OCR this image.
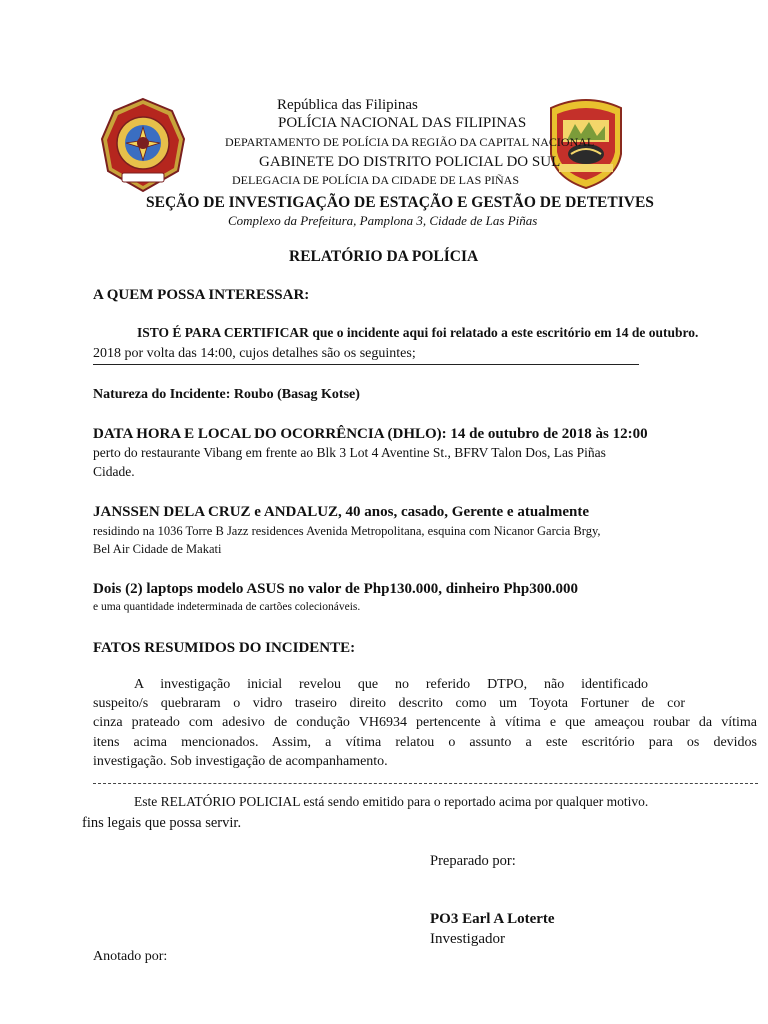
República das Filipinas
POLÍCIA NACIONAL DAS FILIPINAS
DEPARTAMENTO DE POLÍCIA DA REGIÃO DA CAPITAL NACIONAL
GABINETE DO DISTRITO POLICIAL DO SUL
DELEGACIA DE POLÍCIA DA CIDADE DE LAS PIÑAS
SEÇÃO DE INVESTIGAÇÃO DE ESTAÇÃO E GESTÃO DE DETETIVES
Complexo da Prefeitura, Pamplona 3, Cidade de Las Piñas
RELATÓRIO DA POLÍCIA
A QUEM POSSA INTERESSAR:
ISTO É PARA CERTIFICAR que o incidente aqui foi relatado a este escritório em 14 de outubro.
2018 por volta das 14:00, cujos detalhes são os seguintes;
Natureza do Incidente: Roubo (Basag Kotse)
DATA HORA E LOCAL DO OCORRÊNCIA (DHLO): 14 de outubro de 2018 às 12:00
perto do restaurante Vibang em frente ao Blk 3 Lot 4 Aventine St., BFRV Talon Dos, Las Piñas
Cidade.
JANSSEN DELA CRUZ e ANDALUZ, 40 anos, casado, Gerente e atualmente
residindo na 1036 Torre B Jazz residences Avenida Metropolitana, esquina com Nicanor Garcia Brgy,
Bel Air Cidade de Makati
Dois (2) laptops modelo ASUS no valor de Php130.000, dinheiro Php300.000
e uma quantidade indeterminada de cartões colecionáveis.
FATOS RESUMIDOS DO INCIDENTE:
A investigação inicial revelou que no referido DTPO, não identificado
suspeito/s quebraram o vidro traseiro direito descrito como um Toyota Fortuner de cor
cinza prateado com adesivo de condução VH6934 pertencente à vítima e que ameaçou roubar da vítima
itens acima mencionados. Assim, a vítima relatou o assunto a este escritório para os devidos
investigação. Sob investigação de acompanhamento.
Este RELATÓRIO POLICIAL está sendo emitido para o reportado acima por qualquer motivo.
fins legais que possa servir.
Preparado por:
PO3 Earl A Loterte
Investigador
Anotado por:
